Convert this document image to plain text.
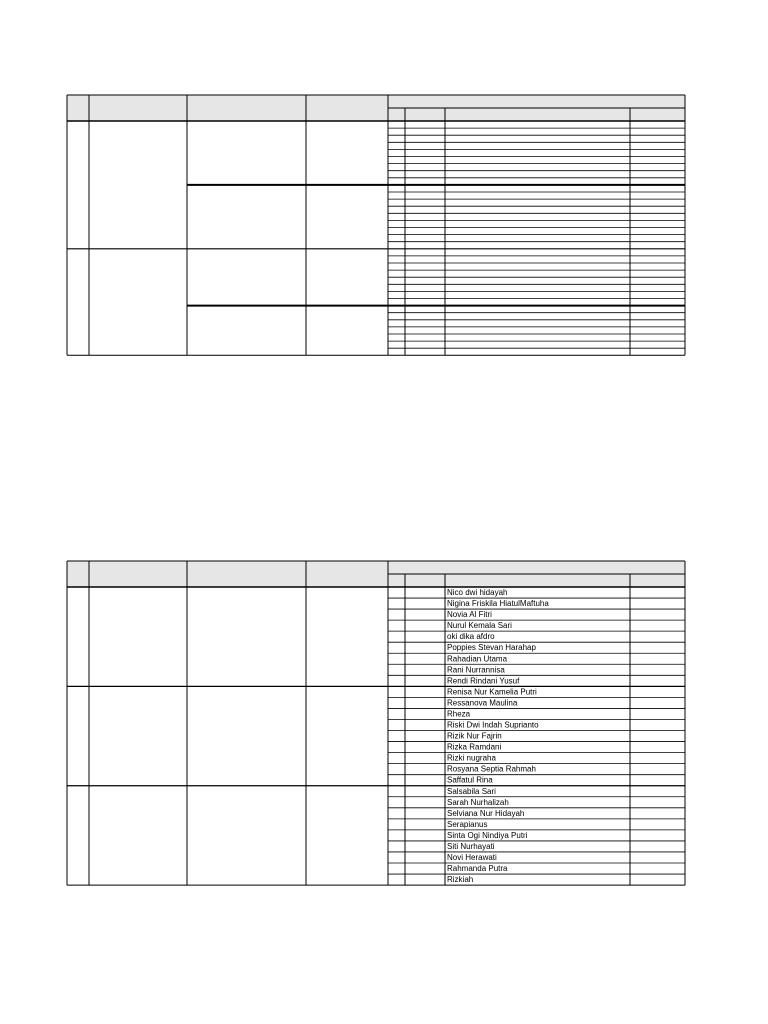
Nico dwi hidayah
Nigina Friskila HiatulMaftuha
Novia Al Fitri
Nurul Kemala Sari
oki dika afdro
Poppies Stevan Harahap
Rahadian Utama
Rani Nurrannisa
Rendi Rindani Yusuf
Renisa Nur Kamelia Putri
Ressanova Maulina
Rheza
Riski Dwi Indah Suprianto
Rizik Nur Fajrin
Rizka Ramdani
Rizki nugraha
Rosyana Septia Rahmah
Saffatul Rina
Salsabila Sari
Sarah Nurhalizah
Selviana Nur Hidayah
Serapianus
Sinta Ogi Nindiya Putri
Siti Nurhayati
Novi Herawati
Rahmanda Putra
Rizkiah
